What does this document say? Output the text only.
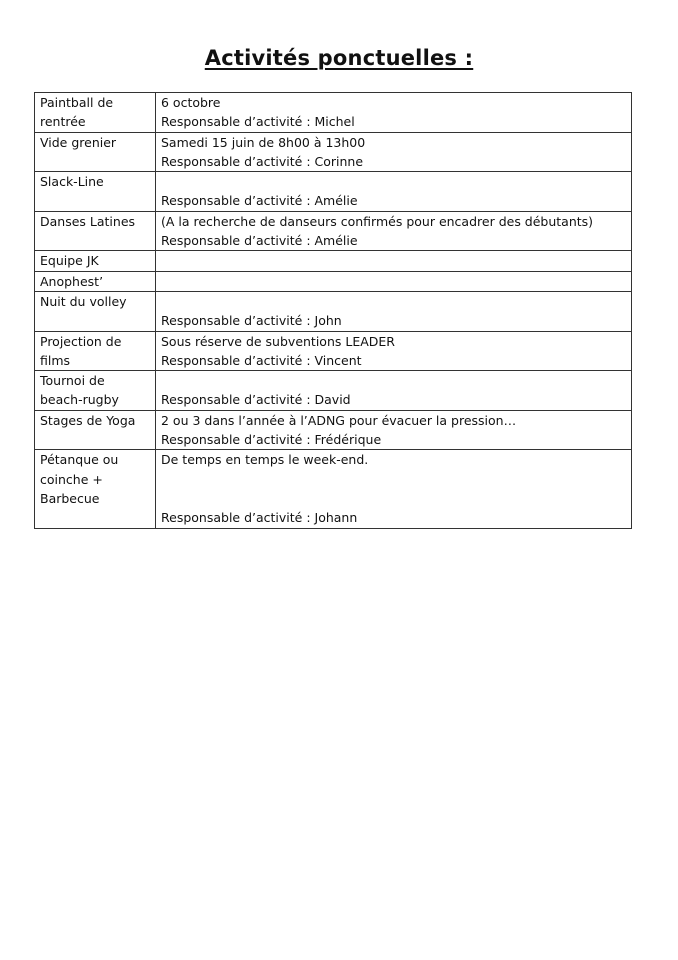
Activités ponctuelles :
Paintball de
rentrée	6 octobre
Responsable d’activité : Michel

Vide grenier	Samedi 15 juin de 8h00 à 13h00
Responsable d’activité : Corinne

Slack-Line	Responsable d’activité : Amélie

Danses Latines	(A la recherche de danseurs confirmés pour encadrer des débutants)
Responsable d’activité : Amélie

Equipe JK	

Anophest’	

Nuit du volley	Responsable d’activité : John

Projection de
films	Sous réserve de subventions LEADER
Responsable d’activité : Vincent

Tournoi de
beach-rugby	Responsable d’activité : David

Stages de Yoga	2 ou 3 dans l’année à l’ADNG pour évacuer la pression…
Responsable d’activité : Frédérique

Pétanque ou
coinche +
Barbecue	De temps en temps le week-end.
Responsable d’activité : Johann
